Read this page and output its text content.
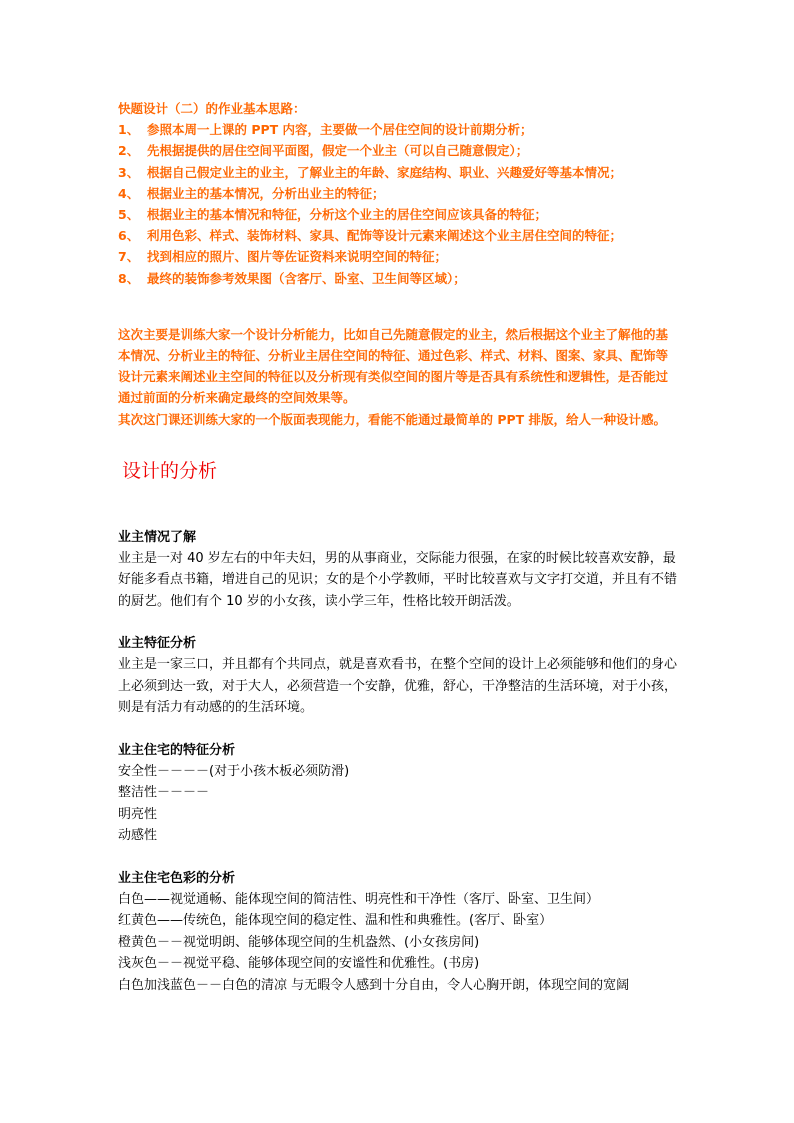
快题设计（二）的作业基本思路：
1、 参照本周一上课的 PPT 内容，主要做一个居住空间的设计前期分析；
2、 先根据提供的居住空间平面图，假定一个业主（可以自己随意假定）；
3、 根据自己假定业主的业主，了解业主的年龄、家庭结构、职业、兴趣爱好等基本情况；
4、 根据业主的基本情况，分析出业主的特征；
5、 根据业主的基本情况和特征，分析这个业主的居住空间应该具备的特征；
6、 利用色彩、样式、装饰材料、家具、配饰等设计元素来阐述这个业主居住空间的特征；
7、 找到相应的照片、图片等佐证资料来说明空间的特征；
8、 最终的装饰参考效果图（含客厅、卧室、卫生间等区域）；

这次主要是训练大家一个设计分析能力，比如自己先随意假定的业主，然后根据这个业主了解他的基本情况、分析业主的特征、分析业主居住空间的特征、通过色彩、样式、材料、图案、家具、配饰等设计元素来阐述业主空间的特征以及分析现有类似空间的图片等是否具有系统性和逻辑性，是否能过通过前面的分析来确定最终的空间效果等。

其次这门课还训练大家的一个版面表现能力，看能不能通过最简单的 PPT 排版，给人一种设计感。

设计的分析

业主情况了解

业主是一对 40 岁左右的中年夫妇，男的从事商业，交际能力很强，在家的时候比较喜欢安静，最好能多看点书籍，增进自己的见识；女的是个小学教师，平时比较喜欢与文字打交道，并且有不错的厨艺。他们有个 10 岁的小女孩，读小学三年，性格比较开朗活泼。

业主特征分析

业主是一家三口，并且都有个共同点，就是喜欢看书，在整个空间的设计上必须能够和他们的身心上必须到达一致，对于大人，必须营造一个安静，优雅，舒心，干净整洁的生活环境，对于小孩，则是有活力有动感的的生活环境。

业主住宅的特征分析

安全性－－－－(对于小孩木板必须防滑)
整洁性－－－－
明亮性
动感性

业主住宅色彩的分析

白色——视觉通畅、能体现空间的简洁性、明亮性和干净性（客厅、卧室、卫生间）
红黄色——传统色，能体现空间的稳定性、温和性和典雅性。(客厅、卧室）
橙黄色－－视觉明朗、能够体现空间的生机盎然、(小女孩房间)
浅灰色－－视觉平稳、能够体现空间的安谧性和优雅性。(书房)
白色加浅蓝色－－白色的清凉 与无暇令人感到十分自由，令人心胸开朗，体现空间的宽阔
